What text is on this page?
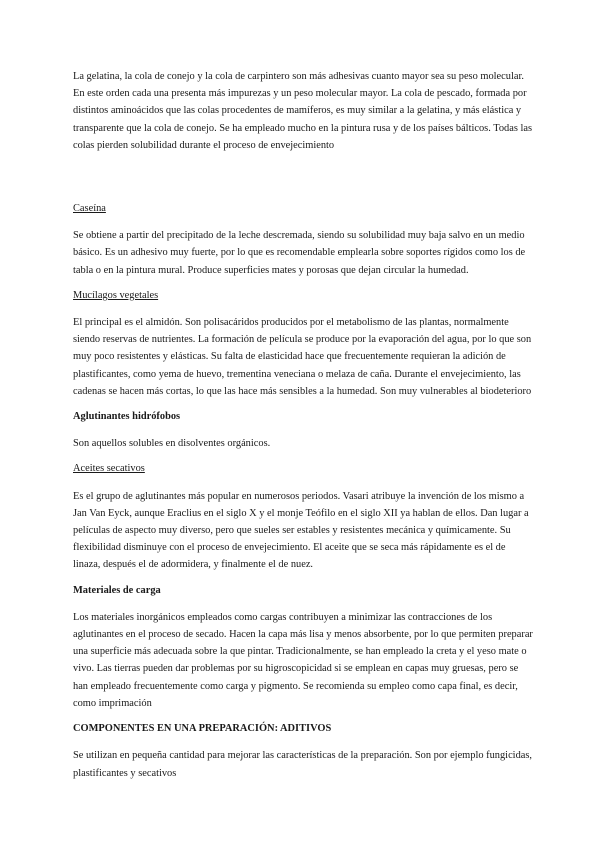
La gelatina, la cola de conejo y la cola de carpintero son más adhesivas cuanto mayor sea su peso molecular. En este orden cada una presenta más impurezas y un peso molecular mayor. La cola de pescado, formada por distintos aminoácidos que las colas procedentes de mamíferos, es muy similar a la gelatina, y más elástica y transparente que la cola de conejo. Se ha empleado mucho en la pintura rusa y de los países bálticos. Todas las colas pierden solubilidad durante el proceso de envejecimiento

Caseína

Se obtiene a partir del precipitado de la leche descremada, siendo su solubilidad muy baja salvo en un medio básico. Es un adhesivo muy fuerte, por lo que es recomendable emplearla sobre soportes rígidos como los de tabla o en la pintura mural. Produce superficies mates y porosas que dejan circular la humedad.

Mucílagos vegetales

El principal es el almidón. Son polisacáridos producidos por el metabolismo de las plantas, normalmente siendo reservas de nutrientes. La formación de película se produce por la evaporación del agua, por lo que son muy poco resistentes y elásticas. Su falta de elasticidad hace que frecuentemente requieran la adición de plastificantes, como yema de huevo, trementina veneciana o melaza de caña. Durante el envejecimiento, las cadenas se hacen más cortas, lo que las hace más sensibles a la humedad. Son muy vulnerables al biodeterioro

Aglutinantes hidrófobos

Son aquellos solubles en disolventes orgánicos.

Aceites secativos

Es el grupo de aglutinantes más popular en numerosos periodos. Vasari atribuye la invención de los mismo a Jan Van Eyck, aunque Eraclius en el siglo X y el monje Teófilo en el siglo XII ya hablan de ellos. Dan lugar a películas de aspecto muy diverso, pero que sueles ser estables y resistentes mecánica y químicamente. Su flexibilidad disminuye con el proceso de envejecimiento. El aceite que se seca más rápidamente es el de linaza, después el de adormidera, y finalmente el de nuez.

Materiales de carga

Los materiales inorgánicos empleados como cargas contribuyen a minimizar las contracciones de los aglutinantes en el proceso de secado. Hacen la capa más lisa y menos absorbente, por lo que permiten preparar una superficie más adecuada sobre la que pintar. Tradicionalmente, se han empleado la creta y el yeso mate o vivo. Las tierras pueden dar problemas por su higroscopicidad si se emplean en capas muy gruesas, pero se han empleado frecuentemente como carga y pigmento. Se recomienda su empleo como capa final, es decir, como imprimación

COMPONENTES EN UNA PREPARACIÓN: ADITIVOS

Se utilizan en pequeña cantidad para mejorar las características de la preparación. Son por ejemplo fungicidas, plastificantes y secativos
